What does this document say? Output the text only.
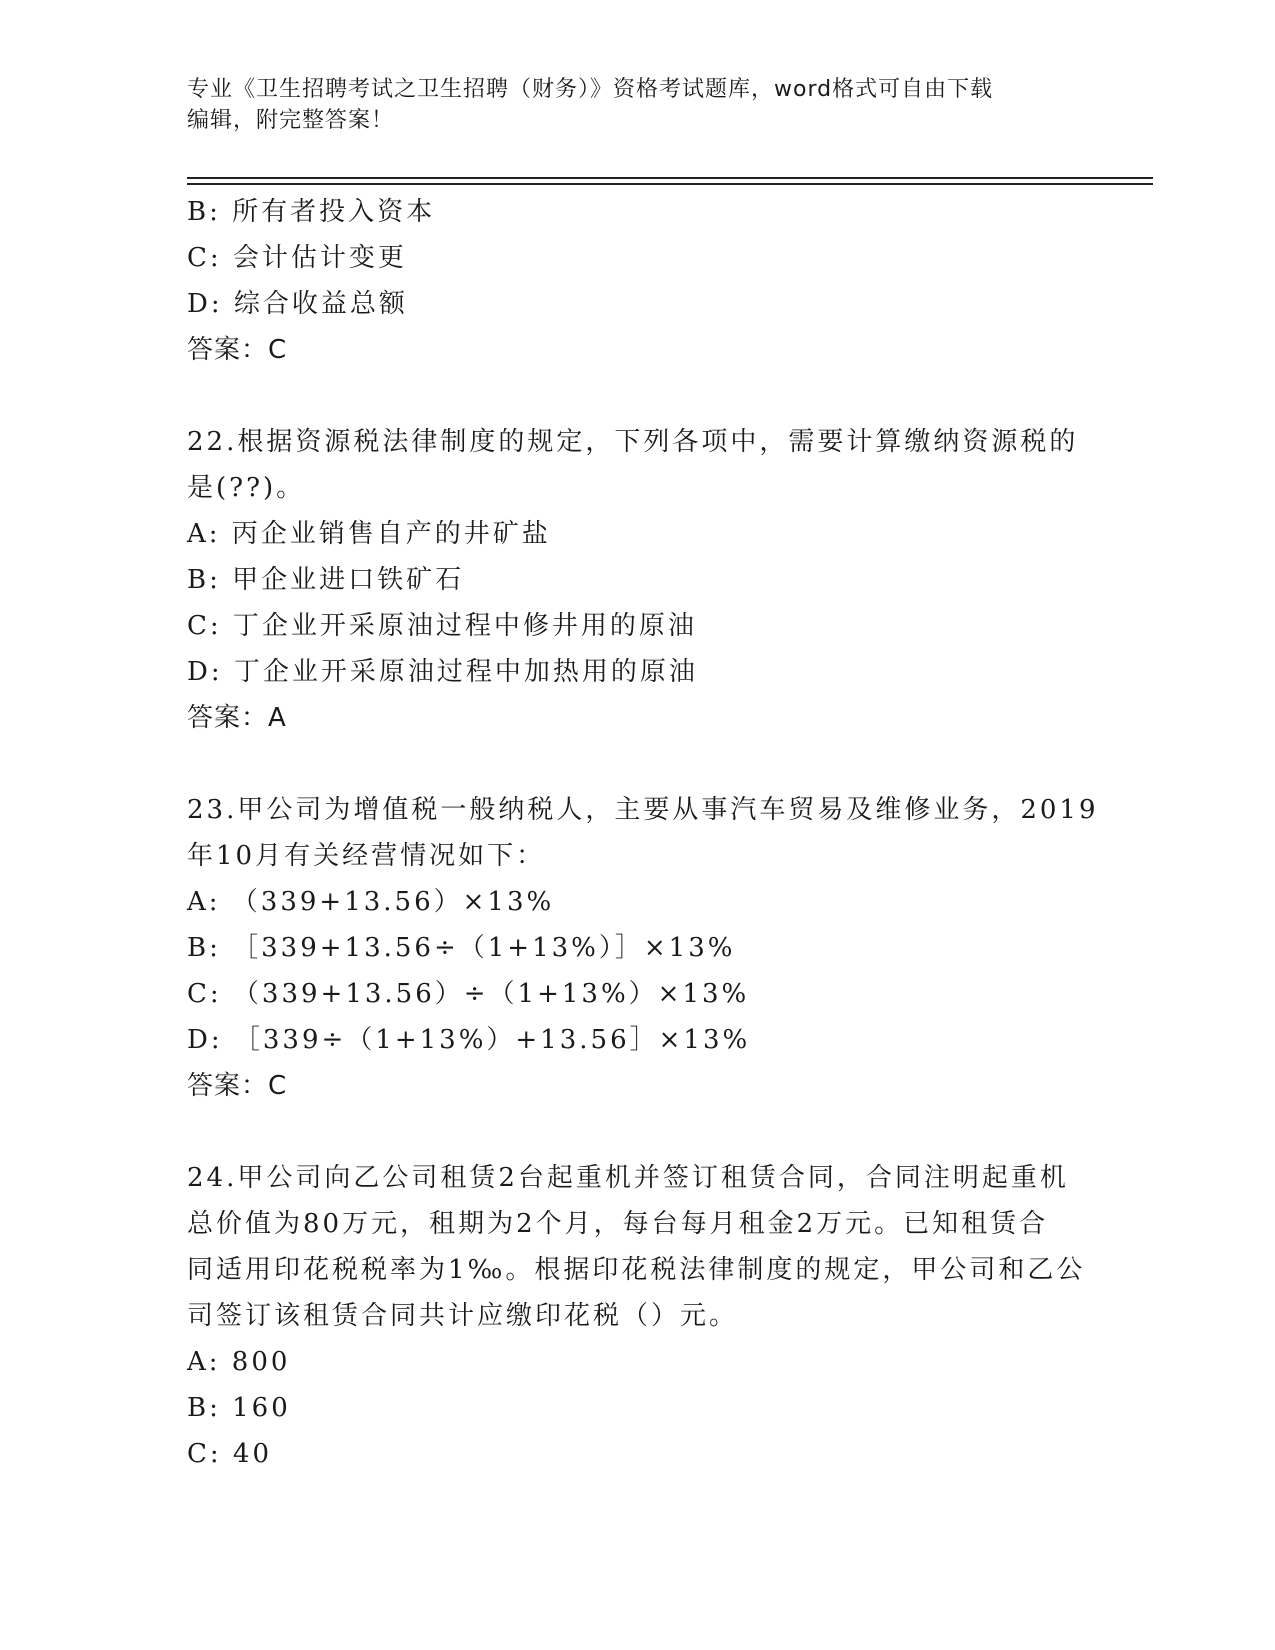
专业《卫生招聘考试之卫生招聘（财务）》资格考试题库，word格式可自由下载
编辑，附完整答案！
B: 所有者投入资本
C: 会计估计变更
D: 综合收益总额
答案：C
22.根据资源税法律制度的规定，下列各项中，需要计算缴纳资源税的
是(??)。
A: 丙企业销售自产的井矿盐
B: 甲企业进口铁矿石
C: 丁企业开采原油过程中修井用的原油
D: 丁企业开采原油过程中加热用的原油
答案：A
23.甲公司为增值税一般纳税人，主要从事汽车贸易及维修业务，2019
年10月有关经营情况如下：
A: （339+13.56）×13%
B: ［339+13.56÷（1+13%）］×13%
C: （339+13.56）÷（1+13%）×13%
D: ［339÷（1+13%）+13.56］×13%
答案：C
24.甲公司向乙公司租赁2台起重机并签订租赁合同，合同注明起重机
总价值为80万元，租期为2个月，每台每月租金2万元。已知租赁合
同适用印花税税率为1‰。根据印花税法律制度的规定，甲公司和乙公
司签订该租赁合同共计应缴印花税（）元。
A: 800
B: 160
C: 40
